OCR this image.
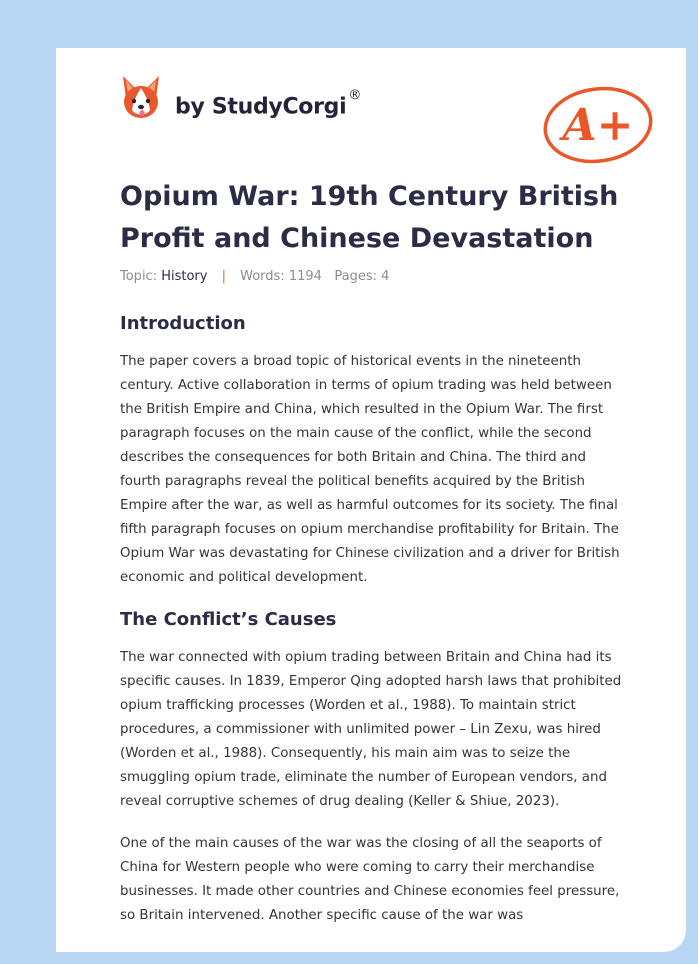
by StudyCorgi ®
A+
Opium War: 19th Century British Profit and Chinese Devastation
Topic: History | Words: 1194 Pages: 4
Introduction

The paper covers a broad topic of historical events in the nineteenth century. Active collaboration in terms of opium trading was held between the British Empire and China, which resulted in the Opium War. The first paragraph focuses on the main cause of the conflict, while the second describes the consequences for both Britain and China. The third and fourth paragraphs reveal the political benefits acquired by the British Empire after the war, as well as harmful outcomes for its society. The final fifth paragraph focuses on opium merchandise profitability for Britain. The Opium War was devastating for Chinese civilization and a driver for British economic and political development.

The Conflict’s Causes

The war connected with opium trading between Britain and China had its specific causes. In 1839, Emperor Qing adopted harsh laws that prohibited opium trafficking processes (Worden et al., 1988). To maintain strict procedures, a commissioner with unlimited power – Lin Zexu, was hired (Worden et al., 1988). Consequently, his main aim was to seize the smuggling opium trade, eliminate the number of European vendors, and reveal corruptive schemes of drug dealing (Keller & Shiue, 2023).

One of the main causes of the war was the closing of all the seaports of China for Western people who were coming to carry their merchandise businesses. It made other countries and Chinese economies feel pressure, so Britain intervened. Another specific cause of the war was
